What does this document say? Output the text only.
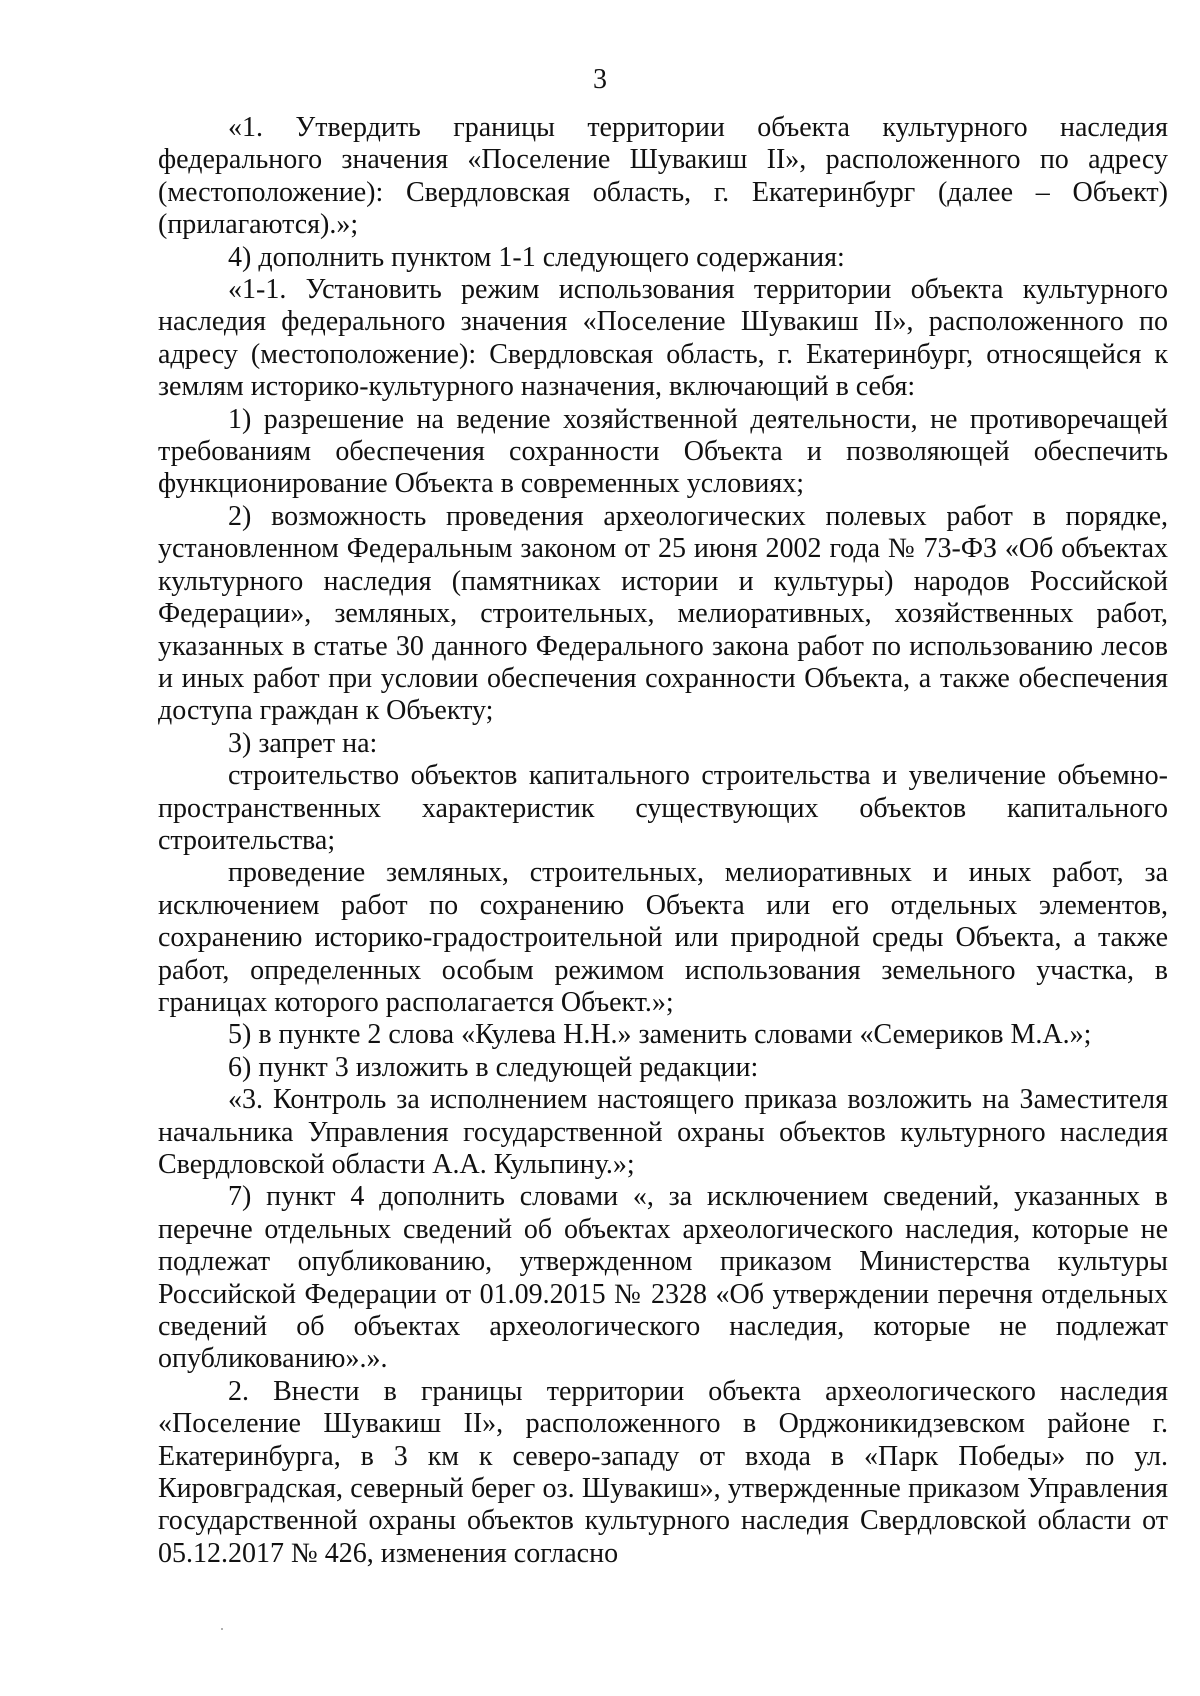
3

«1. Утвердить границы территории объекта культурного наследия федерального значения «Поселение Шувакиш II», расположенного по адресу (местоположение): Свердловская область, г. Екатеринбург (далее – Объект) (прилагаются).»;

4) дополнить пунктом 1-1 следующего содержания:

«1-1. Установить режим использования территории объекта культурного наследия федерального значения «Поселение Шувакиш II», расположенного по адресу (местоположение): Свердловская область, г. Екатеринбург, относящейся к землям историко-культурного назначения, включающий в себя:

1) разрешение на ведение хозяйственной деятельности, не противоречащей требованиям обеспечения сохранности Объекта и позволяющей обеспечить функционирование Объекта в современных условиях;

2) возможность проведения археологических полевых работ в порядке, установленном Федеральным законом от 25 июня 2002 года № 73-ФЗ «Об объектах культурного наследия (памятниках истории и культуры) народов Российской Федерации», земляных, строительных, мелиоративных, хозяйственных работ, указанных в статье 30 данного Федерального закона работ по использованию лесов и иных работ при условии обеспечения сохранности Объекта, а также обеспечения доступа граждан к Объекту;

3) запрет на:

строительство объектов капитального строительства и увеличение объемно-пространственных характеристик существующих объектов капитального строительства;

проведение земляных, строительных, мелиоративных и иных работ, за исключением работ по сохранению Объекта или его отдельных элементов, сохранению историко-градостроительной или природной среды Объекта, а также работ, определенных особым режимом использования земельного участка, в границах которого располагается Объект.»;

5) в пункте 2 слова «Кулева Н.Н.» заменить словами «Семериков М.А.»;

6) пункт 3 изложить в следующей редакции:

«3. Контроль за исполнением настоящего приказа возложить на Заместителя начальника Управления государственной охраны объектов культурного наследия Свердловской области А.А. Кульпину.»;

7) пункт 4 дополнить словами «, за исключением сведений, указанных в перечне отдельных сведений об объектах археологического наследия, которые не подлежат опубликованию, утвержденном приказом Министерства культуры Российской Федерации от 01.09.2015 № 2328 «Об утверждении перечня отдельных сведений об объектах археологического наследия, которые не подлежат опубликованию».».

2. Внести в границы территории объекта археологического наследия «Поселение Шувакиш II», расположенного в Орджоникидзевском районе г. Екатеринбурга, в 3 км к северо-западу от входа в «Парк Победы» по ул. Кировградская, северный берег оз. Шувакиш», утвержденные приказом Управления государственной охраны объектов культурного наследия Свердловской области от 05.12.2017 № 426, изменения согласно
